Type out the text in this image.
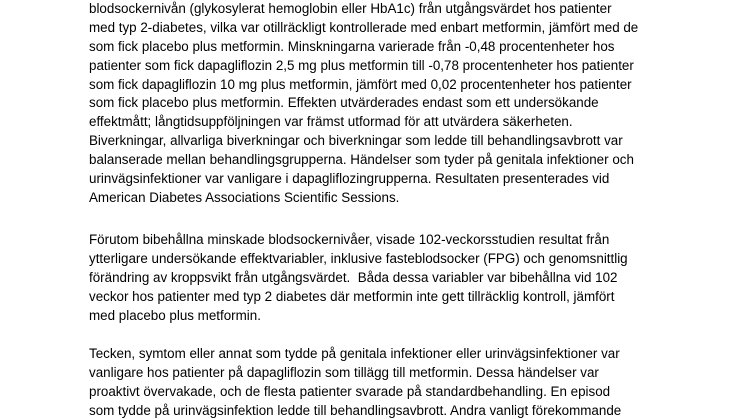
blodsockernivån (glykosylerat hemoglobin eller HbA1c) från utgångsvärdet hos patienter
med typ 2-diabetes, vilka var otillräckligt kontrollerade med enbart metformin, jämfört med de
som fick placebo plus metformin. Minskningarna varierade från -0,48 procentenheter hos
patienter som fick dapagliflozin 2,5 mg plus metformin till -0,78 procentenheter hos patienter
som fick dapagliflozin 10 mg plus metformin, jämfört med 0,02 procentenheter hos patienter
som fick placebo plus metformin. Effekten utvärderades endast som ett undersökande
effektmått; långtidsuppföljningen var främst utformad för att utvärdera säkerheten.
Biverkningar, allvarliga biverkningar och biverkningar som ledde till behandlingsavbrott var
balanserade mellan behandlingsgrupperna. Händelser som tyder på genitala infektioner och
urinvägsinfektioner var vanligare i dapagliflozingrupperna. Resultaten presenterades vid
American Diabetes Associations Scientific Sessions.
Förutom bibehållna minskade blodsockernivåer, visade 102-veckorsstudien resultat från
ytterligare undersökande effektvariabler, inklusive fasteblodsocker (FPG) och genomsnittlig
förändring av kroppsvikt från utgångsvärdet.  Båda dessa variabler var bibehållna vid 102
veckor hos patienter med typ 2 diabetes där metformin inte gett tillräcklig kontroll, jämfört
med placebo plus metformin.
Tecken, symtom eller annat som tydde på genitala infektioner eller urinvägsinfektioner var
vanligare hos patienter på dapagliflozin som tillägg till metformin. Dessa händelser var
proaktivt övervakade, och de flesta patienter svarade på standardbehandling. En episod
som tydde på urinvägsinfektion ledde till behandlingsavbrott. Andra vanligt förekommande
